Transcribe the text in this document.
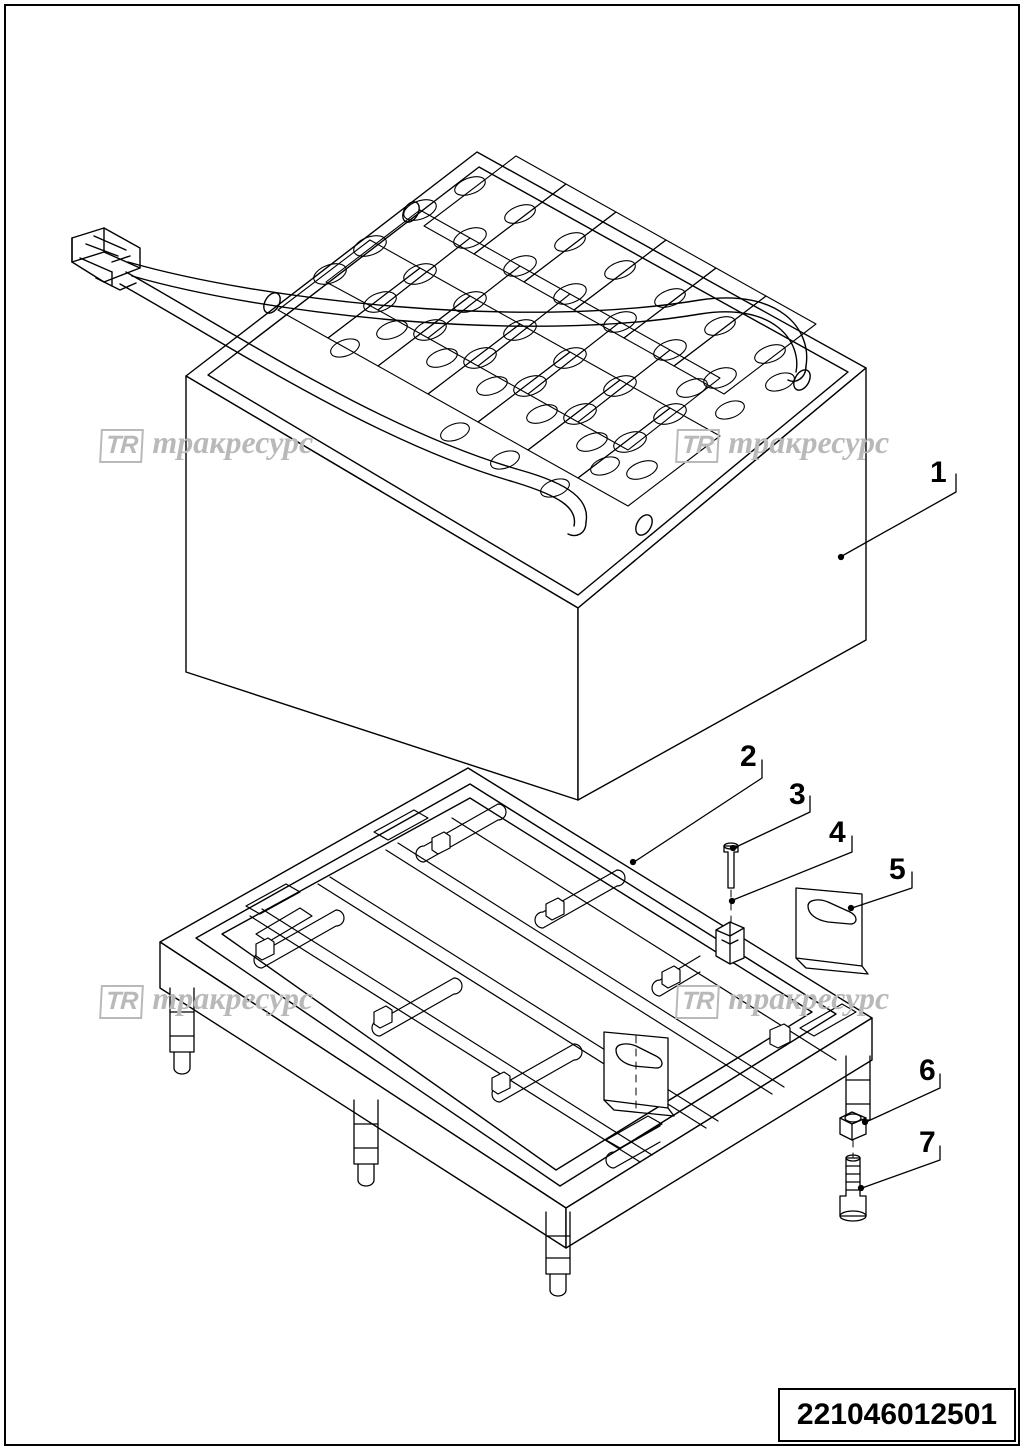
1
2
3
4
5
6
7
TR тракресурс	TR тракресурс
TR тракресурс	TR тракресурс
221046012501
